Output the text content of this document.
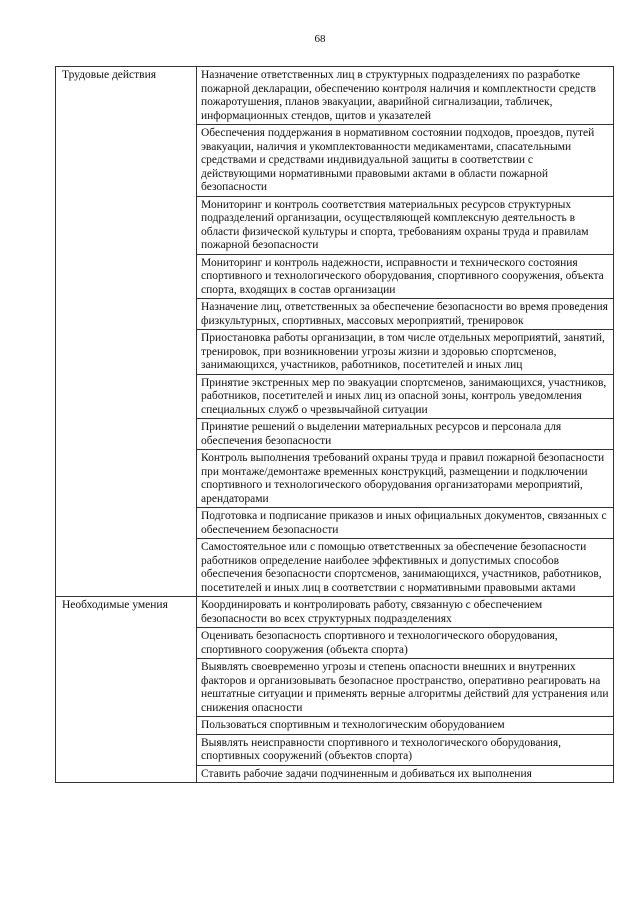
68
Трудовые действия	Назначение ответственных лиц в структурных подразделениях по разработке пожарной декларации, обеспечению контроля наличия и комплектности средств пожаротушения, планов эвакуации, аварийной сигнализации, табличек, информационных стендов, щитов и указателей
	Обеспечения поддержания в нормативном состоянии подходов, проездов, путей эвакуации, наличия и укомплектованности медикаментами, спасательными средствами и средствами индивидуальной защиты в соответствии с действующими нормативными правовыми актами в области пожарной безопасности
	Мониторинг и контроль соответствия материальных ресурсов структурных подразделений организации, осуществляющей комплексную деятельность в области физической культуры и спорта, требованиям охраны труда и правилам пожарной безопасности
	Мониторинг и контроль надежности, исправности и технического состояния спортивного и технологического оборудования, спортивного сооружения, объекта спорта, входящих в состав организации
	Назначение лиц, ответственных за обеспечение безопасности во время проведения физкультурных, спортивных, массовых мероприятий, тренировок
	Приостановка работы организации, в том числе отдельных мероприятий, занятий, тренировок, при возникновении угрозы жизни и здоровью спортсменов, занимающихся, участников, работников, посетителей и иных лиц
	Принятие экстренных мер по эвакуации спортсменов, занимающихся, участников, работников, посетителей и иных лиц из опасной зоны, контроль уведомления специальных служб о чрезвычайной ситуации
	Принятие решений о выделении материальных ресурсов и персонала для обеспечения безопасности
	Контроль выполнения требований охраны труда и правил пожарной безопасности при монтаже/демонтаже временных конструкций, размещении и подключении спортивного и технологического оборудования организаторами мероприятий, арендаторами
	Подготовка и подписание приказов и иных официальных документов, связанных с обеспечением безопасности
	Самостоятельное или с помощью ответственных за обеспечение безопасности работников определение наиболее эффективных и допустимых способов обеспечения безопасности спортсменов, занимающихся, участников, работников, посетителей и иных лиц в соответствии с нормативными правовыми актами
Необходимые умения	Координировать и контролировать работу, связанную с обеспечением безопасности во всех структурных подразделениях
	Оценивать безопасность спортивного и технологического оборудования, спортивного сооружения (объекта спорта)
	Выявлять своевременно угрозы и степень опасности внешних и внутренних факторов и организовывать безопасное пространство, оперативно реагировать на нештатные ситуации и применять верные алгоритмы действий для устранения или снижения опасности
	Пользоваться спортивным и технологическим оборудованием
	Выявлять неисправности спортивного и технологического оборудования, спортивных сооружений (объектов спорта)
	Ставить рабочие задачи подчиненным и добиваться их выполнения
